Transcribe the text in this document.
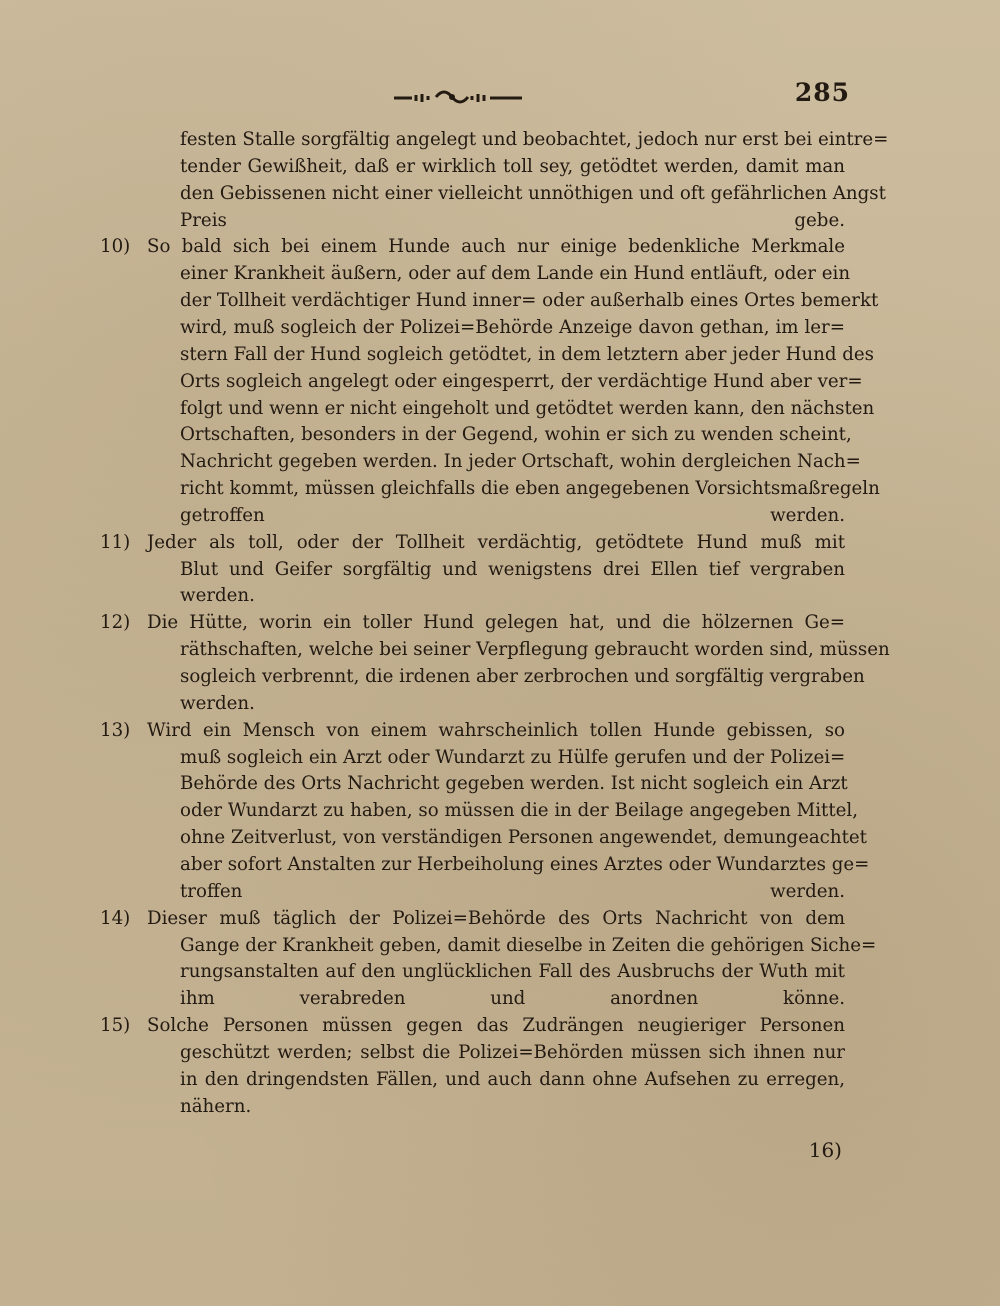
285
festen Stalle sorgfältig angelegt und beobachtet, jedoch nur erst bei eintre=
tender Gewißheit, daß er wirklich toll sey, getödtet werden, damit man
den Gebissenen nicht einer vielleicht unnöthigen und oft gefährlichen Angst
Preis gebe.
10) So bald sich bei einem Hunde auch nur einige bedenkliche Merkmale
einer Krankheit äußern, oder auf dem Lande ein Hund entläuft, oder ein
der Tollheit verdächtiger Hund inner= oder außerhalb eines Ortes bemerkt
wird, muß sogleich der Polizei=Behörde Anzeige davon gethan, im ler=
stern Fall der Hund sogleich getödtet, in dem letztern aber jeder Hund des
Orts sogleich angelegt oder eingesperrt, der verdächtige Hund aber ver=
folgt und wenn er nicht eingeholt und getödtet werden kann, den nächsten
Ortschaften, besonders in der Gegend, wohin er sich zu wenden scheint,
Nachricht gegeben werden. In jeder Ortschaft, wohin dergleichen Nach=
richt kommt, müssen gleichfalls die eben angegebenen Vorsichtsmaßregeln
getroffen werden.
11) Jeder als toll, oder der Tollheit verdächtig, getödtete Hund muß mit
Blut und Geifer sorgfältig und wenigstens drei Ellen tief vergraben
werden.
12) Die Hütte, worin ein toller Hund gelegen hat, und die hölzernen Ge=
räthschaften, welche bei seiner Verpflegung gebraucht worden sind, müssen
sogleich verbrennt, die irdenen aber zerbrochen und sorgfältig vergraben
werden.
13) Wird ein Mensch von einem wahrscheinlich tollen Hunde gebissen, so
muß sogleich ein Arzt oder Wundarzt zu Hülfe gerufen und der Polizei=
Behörde des Orts Nachricht gegeben werden. Ist nicht sogleich ein Arzt
oder Wundarzt zu haben, so müssen die in der Beilage angegeben Mittel,
ohne Zeitverlust, von verständigen Personen angewendet, demungeachtet
aber sofort Anstalten zur Herbeiholung eines Arztes oder Wundarztes ge=
troffen werden.
14) Dieser muß täglich der Polizei=Behörde des Orts Nachricht von dem
Gange der Krankheit geben, damit dieselbe in Zeiten die gehörigen Siche=
rungsanstalten auf den unglücklichen Fall des Ausbruchs der Wuth mit
ihm verabreden und anordnen könne.
15) Solche Personen müssen gegen das Zudrängen neugieriger Personen
geschützt werden; selbst die Polizei=Behörden müssen sich ihnen nur
in den dringendsten Fällen, und auch dann ohne Aufsehen zu erregen,
nähern.
16)
